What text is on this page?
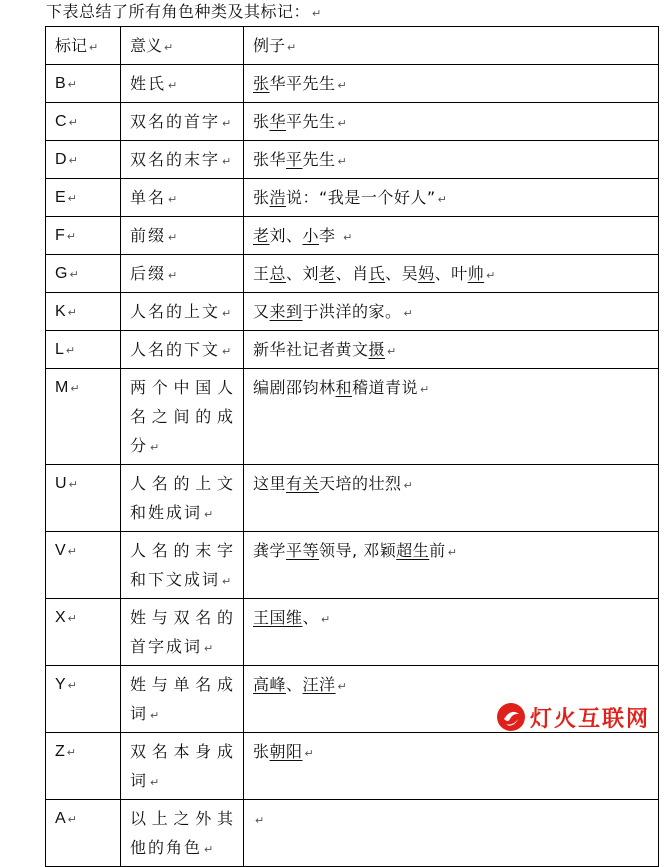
下表总结了所有角色种类及其标记： ↵
标记 ↵	意义 ↵	例子 ↵
B ↵	姓氏 ↵	张华平先生 ↵
C ↵	双名的首字 ↵	张华平先生 ↵
D ↵	双名的末字 ↵	张华平先生 ↵
E ↵	单名 ↵	张浩说：“我是一个好人” ↵
F ↵	前缀 ↵	老刘、小李 ↵
G ↵	后缀 ↵	王总、刘老、肖氏、吴妈、叶帅 ↵
K ↵	人名的上文 ↵	又来到于洪洋的家。 ↵
L ↵	人名的下文 ↵	新华社记者黄文摄 ↵
M ↵	两个中国人名之间的成分 ↵	编剧邵钧林和稽道青说 ↵
U ↵	人名的上文和姓成词 ↵	这里有关天培的壮烈 ↵
V ↵	人名的末字和下文成词 ↵	龚学平等领导, 邓颖超生前 ↵
X ↵	姓与双名的首字成词 ↵	王国维、 ↵
Y ↵	姓与单名成词 ↵	高峰、汪洋 ↵
Z ↵	双名本身成词 ↵	张朝阳 ↵
A ↵	以上之外其他的角色 ↵	↵
灯火互联网
